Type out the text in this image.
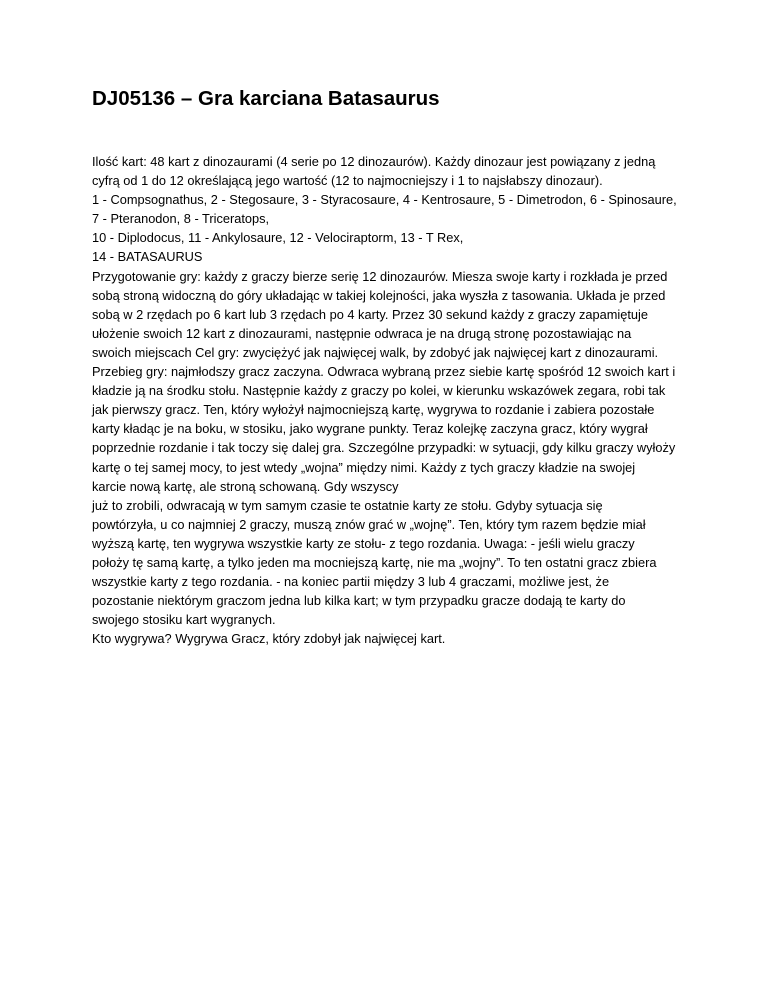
DJ05136 – Gra karciana Batasaurus

Ilość kart: 48 kart z dinozaurami (4 serie po 12 dinozaurów). Każdy dinozaur jest powiązany z jedną

cyfrą od 1 do 12 określającą jego wartość (12 to najmocniejszy i 1 to najsłabszy dinozaur).

1 - Compsognathus, 2 - Stegosaure, 3 - Styracosaure, 4 - Kentrosaure, 5 - Dimetrodon, 6 - Spinosaure,

7 - Pteranodon, 8 - Triceratops,

10 - Diplodocus, 11 - Ankylosaure, 12 - Velociraptorm, 13 - T Rex,

14 - BATASAURUS

Przygotowanie gry: każdy z graczy bierze serię 12 dinozaurów. Miesza swoje karty i rozkłada je przed

sobą stroną widoczną do góry układając w takiej kolejności, jaka wyszła z tasowania. Układa je przed

sobą w 2 rzędach po 6 kart lub 3 rzędach po 4 karty. Przez 30 sekund każdy z graczy zapamiętuje

ułożenie swoich 12 kart z dinozaurami, następnie odwraca je na drugą stronę pozostawiając na

swoich miejscach Cel gry: zwyciężyć jak najwięcej walk, by zdobyć jak najwięcej kart z dinozaurami.

Przebieg gry: najmłodszy gracz zaczyna. Odwraca wybraną przez siebie kartę spośród 12 swoich kart i

kładzie ją na środku stołu. Następnie każdy z graczy po kolei, w kierunku wskazówek zegara, robi tak

jak pierwszy gracz. Ten, który wyłożył najmocniejszą kartę, wygrywa to rozdanie i zabiera pozostałe

karty kładąc je na boku, w stosiku, jako wygrane punkty. Teraz kolejkę zaczyna gracz, który wygrał

poprzednie rozdanie i tak toczy się dalej gra. Szczególne przypadki: w sytuacji, gdy kilku graczy wyłoży

kartę o tej samej mocy, to jest wtedy „wojna” między nimi. Każdy z tych graczy kładzie na swojej

karcie nową kartę, ale stroną schowaną. Gdy wszyscy

już to zrobili, odwracają w tym samym czasie te ostatnie karty ze stołu. Gdyby sytuacja się

powtórzyła, u co najmniej 2 graczy, muszą znów grać w „wojnę”. Ten, który tym razem będzie miał

wyższą kartę, ten wygrywa wszystkie karty ze stołu- z tego rozdania. Uwaga: - jeśli wielu graczy

położy tę samą kartę, a tylko jeden ma mocniejszą kartę, nie ma „wojny”. To ten ostatni gracz zbiera

wszystkie karty z tego rozdania. - na koniec partii między 3 lub 4 graczami, możliwe jest, że

pozostanie niektórym graczom jedna lub kilka kart; w tym przypadku gracze dodają te karty do

swojego stosiku kart wygranych.

Kto wygrywa? Wygrywa Gracz, który zdobył jak najwięcej kart.
